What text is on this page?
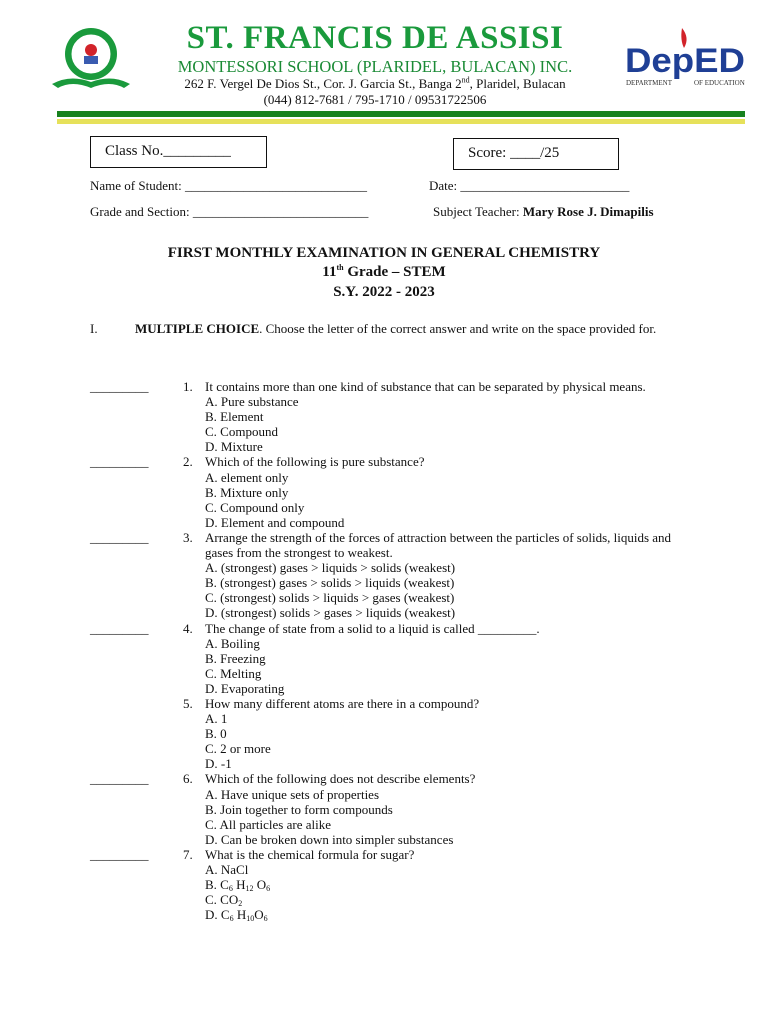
ST. FRANCIS DE ASSISI
MONTESSORI SCHOOL (PLARIDEL, BULACAN) INC.
262 F. Vergel De Dios St., Cor. J. Garcia St., Banga 2nd, Plaridel, Bulacan
(044) 812-7681 / 795-1710 / 09531722506
DepED
DEPARTMENT	OF EDUCATION
Class No._________	Score: ____/25
Name of Student: ____________________________	Date: __________________________
Grade and Section: ___________________________	Subject Teacher: Mary Rose J. Dimapilis
FIRST MONTHLY EXAMINATION IN GENERAL CHEMISTRY
11th Grade – STEM
S.Y. 2022 - 2023
I.	MULTIPLE CHOICE. Choose the letter of the correct answer and write on the space provided for.
_________	1. It contains more than one kind of substance that can be separated by physical means.
A. Pure substance
B. Element
C. Compound
D. Mixture
_________	2. Which of the following is pure substance?
A. element only
B. Mixture only
C. Compound only
D. Element and compound
_________	3. Arrange the strength of the forces of attraction between the particles of solids, liquids and gases from the strongest to weakest.
A. (strongest) gases > liquids > solids (weakest)
B. (strongest) gases > solids > liquids (weakest)
C. (strongest) solids > liquids > gases (weakest)
D. (strongest) solids > gases > liquids (weakest)
_________	4. The change of state from a solid to a liquid is called _________.
A. Boiling
B. Freezing
C. Melting
D. Evaporating
5. How many different atoms are there in a compound?
A. 1
B. 0
C. 2 or more
D. -1
_________	6. Which of the following does not describe elements?
A. Have unique sets of properties
B. Join together to form compounds
C. All particles are alike
D. Can be broken down into simpler substances
_________	7. What is the chemical formula for sugar?
A. NaCl
B. $C_6$ $H_{12}$ $O_6$
C. $CO_2$
D. $C_6$ $H_{10}O_6$
